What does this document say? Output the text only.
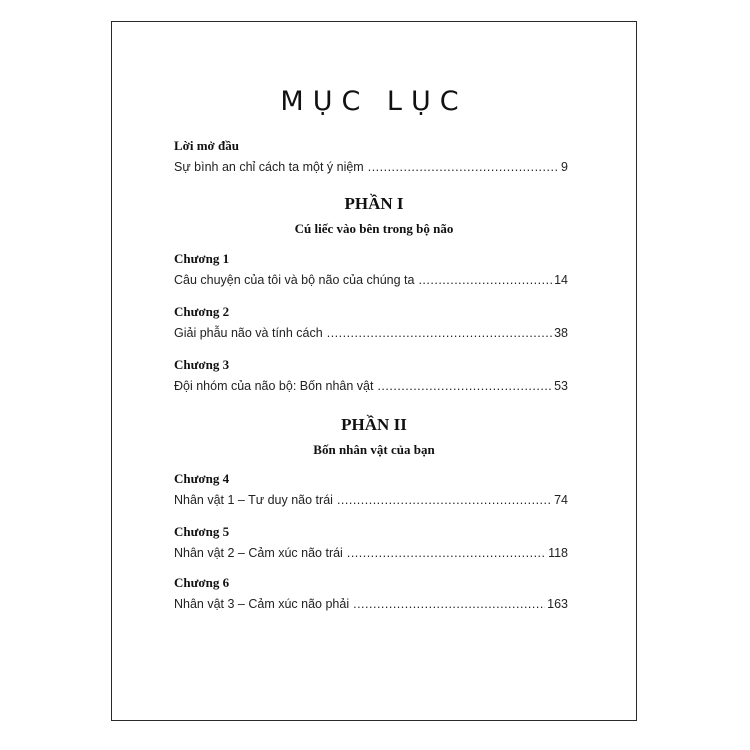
MỤC LỤC
Lời mở đầu
Sự bình an chỉ cách ta một ý niệm .....	9
PHẦN I
Cú liếc vào bên trong bộ não
Chương 1
Câu chuyện của tôi và bộ não của chúng ta .....	14
Chương 2
Giải phẫu não và tính cách .....	38
Chương 3
Đội nhóm của não bộ: Bốn nhân vật .....	53
PHẦN II
Bốn nhân vật của bạn
Chương 4
Nhân vật 1 – Tư duy não trái .....	74
Chương 5
Nhân vật 2 – Cảm xúc não trái .....	118
Chương 6
Nhân vật 3 – Cảm xúc não phải .....	163
